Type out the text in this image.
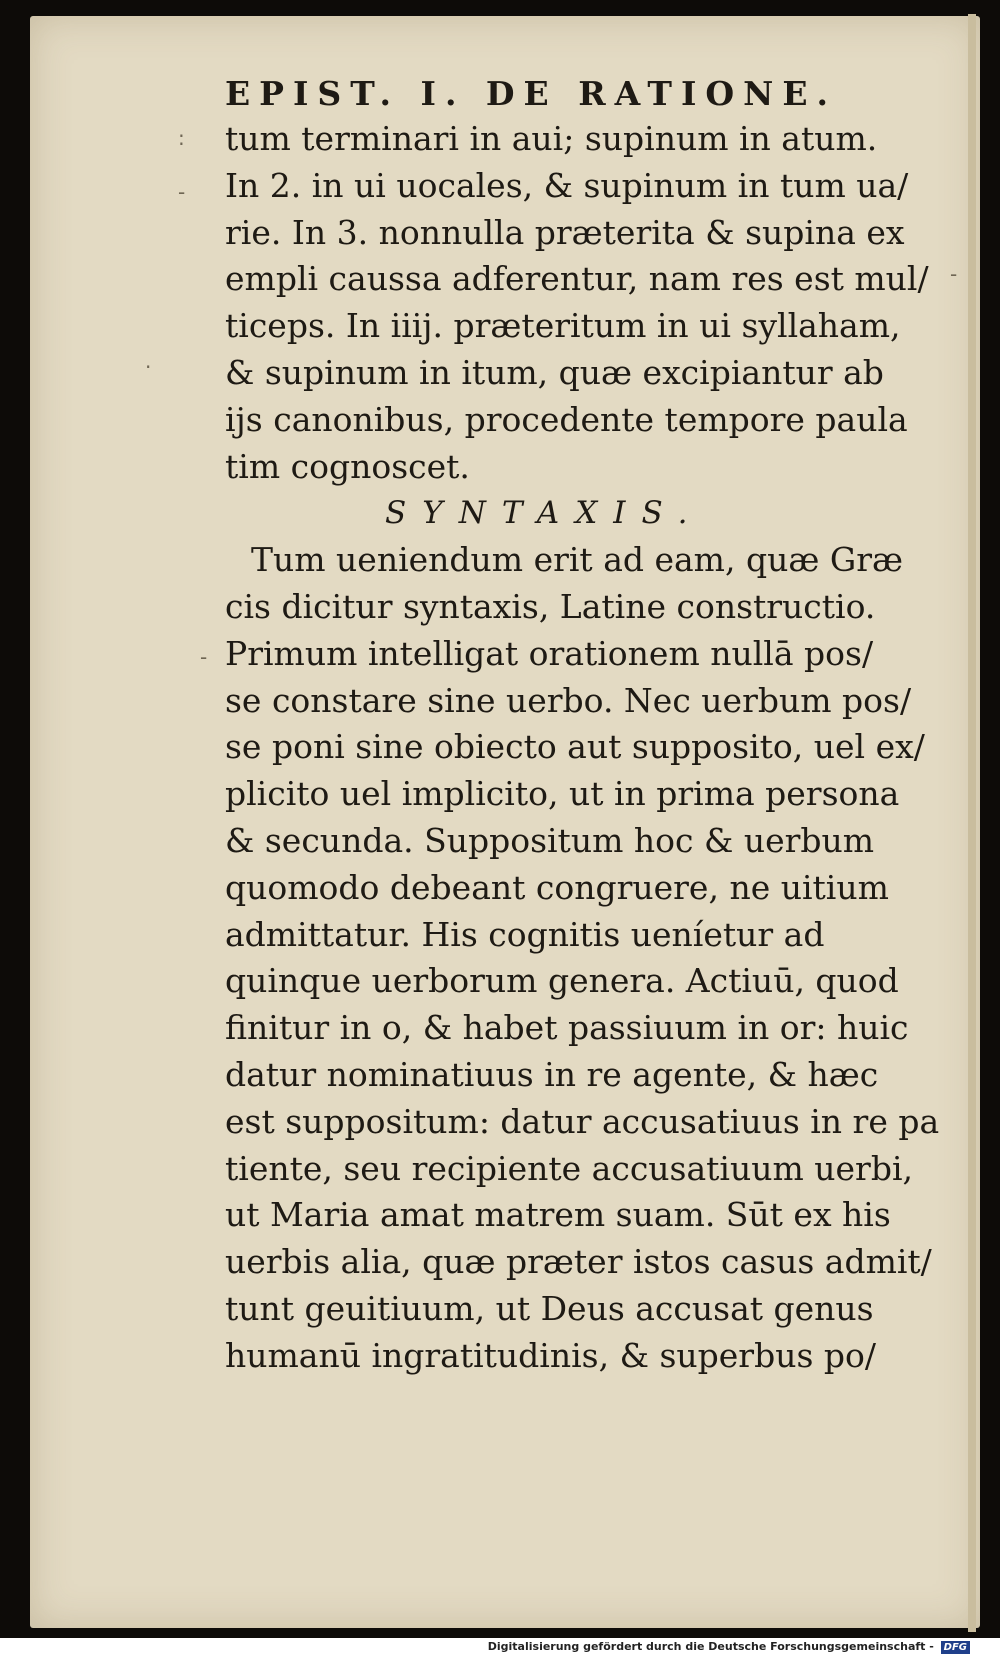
:
-
-
·
-
EPIST. I. DE RATIONE.
tum terminari in aui; supinum in atum.
In 2. in ui uocales, & supinum in tum ua/
rie. In 3. nonnulla præterita & supina ex
empli caussa adferentur, nam res est mul/
ticeps. In iiij. præteritum in ui syllaham,
& supinum in itum, quæ excipiantur ab
ijs canonibus, procedente tempore paula
tim cognoscet.
SYNTAXIS.
Tum ueniendum erit ad eam, quæ Græ
cis dicitur syntaxis, Latine constructio.
Primum intelligat orationem nullā pos/
se constare sine uerbo. Nec uerbum pos/
se poni sine obiecto aut supposito, uel ex/
plicito uel implicito, ut in prima persona
& secunda. Suppositum hoc & uerbum
quomodo debeant congruere, ne uitium
admittatur. His cognitis ueníetur ad
quinque uerborum genera. Actiuū, quod
finitur in o, & habet passiuum in or: huic
datur nominatiuus in re agente, & hæc
est suppositum: datur accusatiuus in re pa
tiente, seu recipiente accusatiuum uerbi,
ut Maria amat matrem suam. Sūt ex his
uerbis alia, quæ præter istos casus admit/
tunt geuitiuum, ut Deus accusat genus
humanū ingratitudinis, & superbus po/
Digitalisierung gefördert durch die Deutsche Forschungsgemeinschaft - DFG
